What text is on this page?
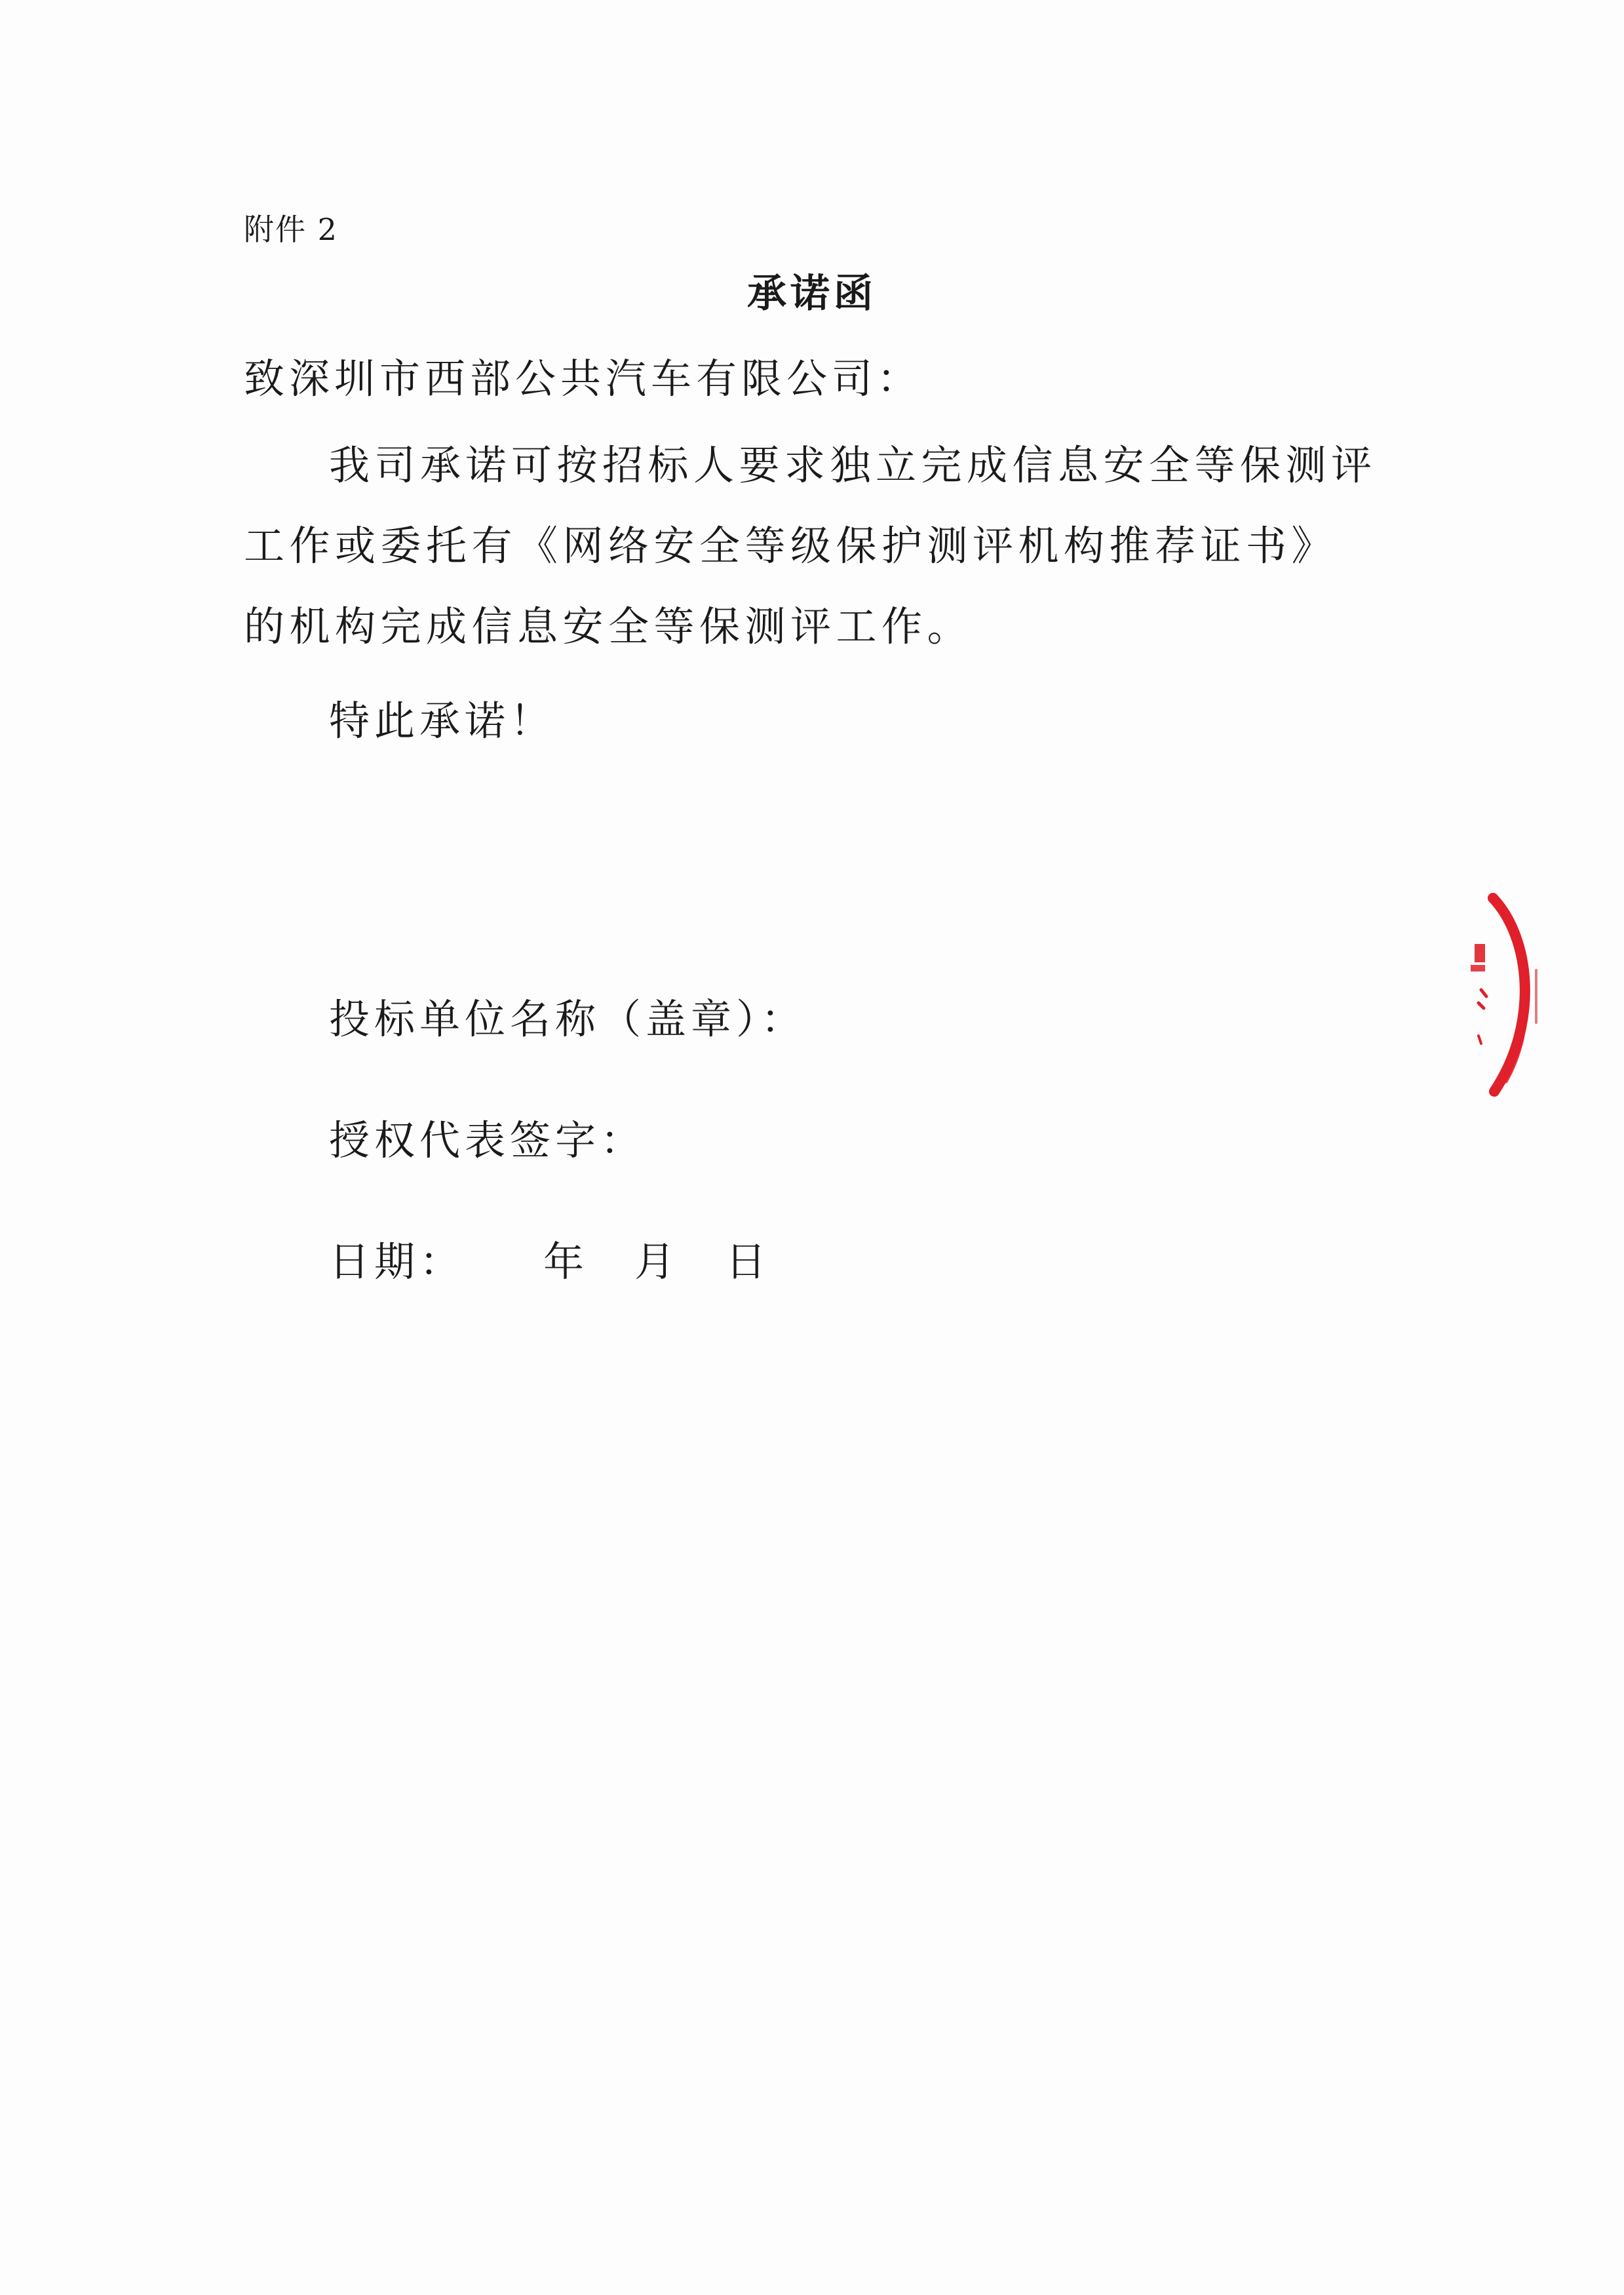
附件 2
承诺函
致深圳市西部公共汽车有限公司：
我司承诺可按招标人要求独立完成信息安全等保测评工作或委托有《网络安全等级保护测评机构推荐证书》的机构完成信息安全等保测评工作。
特此承诺！
投标单位名称（盖章）：
授权代表签字：
日期： 年 月 日
